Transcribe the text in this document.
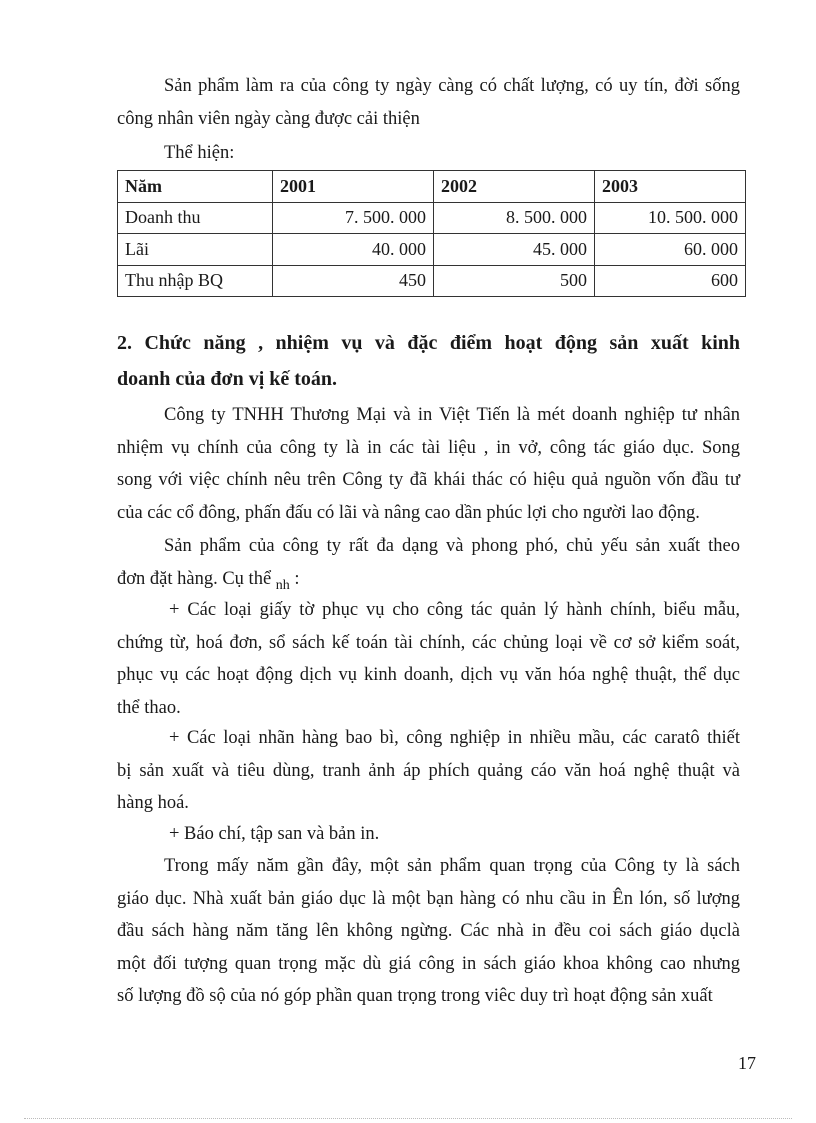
Sản phẩm làm ra của công ty ngày càng có chất lượng, có uy tín, đời sống
công nhân viên ngày càng được cải thiện

Thể hiện:

Năm	2001	2002	2003
Doanh thu	7. 500. 000	8. 500. 000	10. 500. 000
Lãi	40. 000	45. 000	60. 000
Thu nhập BQ	450	500	600
2. Chức năng , nhiệm vụ và đặc điểm hoạt động sản xuất kinh
doanh của đơn vị kế toán.

Công ty TNHH Thương Mại và in Việt Tiến là mét doanh nghiệp tư nhân
nhiệm vụ chính của công ty là in các tài liệu , in vở, công tác giáo dục. Song
song với việc chính nêu trên Công ty đã khái thác có hiệu quả nguồn vốn đầu tư
của các cổ đông, phấn đấu có lãi và nâng cao dần phúc lợi cho người lao động.

Sản phẩm của công ty rất đa dạng và phong phó, chủ yếu sản xuất theo
đơn đặt hàng. Cụ thể $_{nh}$ :

+ Các loại giấy tờ phục vụ cho công tác quản lý hành chính, biểu mẫu,
chứng từ, hoá đơn, sổ sách kế toán tài chính, các chủng loại về cơ sở kiểm soát,
phục vụ các hoạt động dịch vụ kinh doanh, dịch vụ văn hóa nghệ thuật, thể dục
thể thao.

+ Các loại nhãn hàng bao bì, công nghiệp in nhiều mầu, các caratô thiết
bị sản xuất và tiêu dùng, tranh ảnh áp phích quảng cáo văn hoá nghệ thuật và
hàng hoá.

+ Báo chí, tập san và bản in.

Trong mấy năm gần đây, một sản phẩm quan trọng của Công ty là sách
giáo dục. Nhà xuất bản giáo dục là một bạn hàng có nhu cầu in Ên lón, số lượng
đầu sách hàng năm tăng lên không ngừng. Các nhà in đều coi sách giáo dụclà
một đối tượng quan trọng mặc dù giá công in sách giáo khoa không cao nhưng
số lượng đồ sộ của nó góp phần quan trọng trong viêc duy trì hoạt động sản xuất

17
